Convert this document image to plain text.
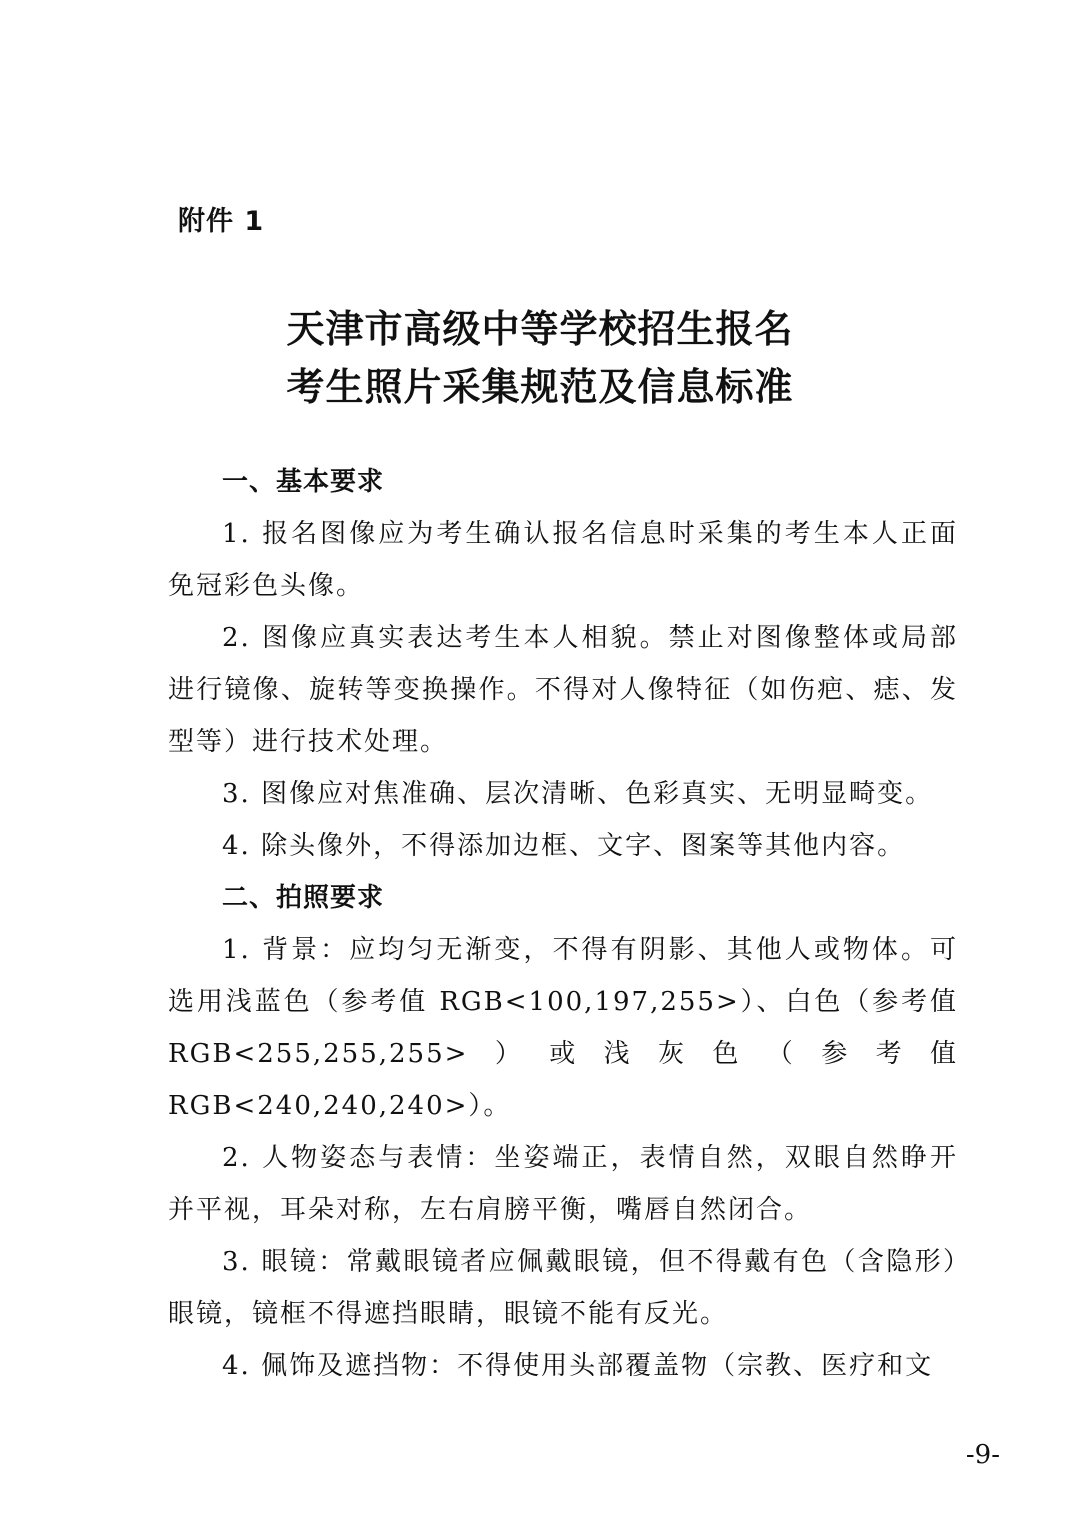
附件 1
天津市高级中等学校招生报名
考生照片采集规范及信息标准
一、基本要求
1. 报名图像应为考生确认报名信息时采集的考生本人正面免冠彩色头像。
2. 图像应真实表达考生本人相貌。禁止对图像整体或局部进行镜像、旋转等变换操作。不得对人像特征（如伤疤、痣、发型等）进行技术处理。
3. 图像应对焦准确、层次清晰、色彩真实、无明显畸变。
4. 除头像外，不得添加边框、文字、图案等其他内容。
二、拍照要求
1. 背景：应均匀无渐变，不得有阴影、其他人或物体。可选用浅蓝色（参考值 RGB<100,197,255>）、白色（参考值 RGB<255,255,255>）或浅灰色（参考值 RGB<240,240,240>）。
2. 人物姿态与表情：坐姿端正，表情自然，双眼自然睁开并平视，耳朵对称，左右肩膀平衡，嘴唇自然闭合。
3. 眼镜：常戴眼镜者应佩戴眼镜，但不得戴有色（含隐形）眼镜，镜框不得遮挡眼睛，眼镜不能有反光。
4. 佩饰及遮挡物：不得使用头部覆盖物（宗教、医疗和文
-9-
